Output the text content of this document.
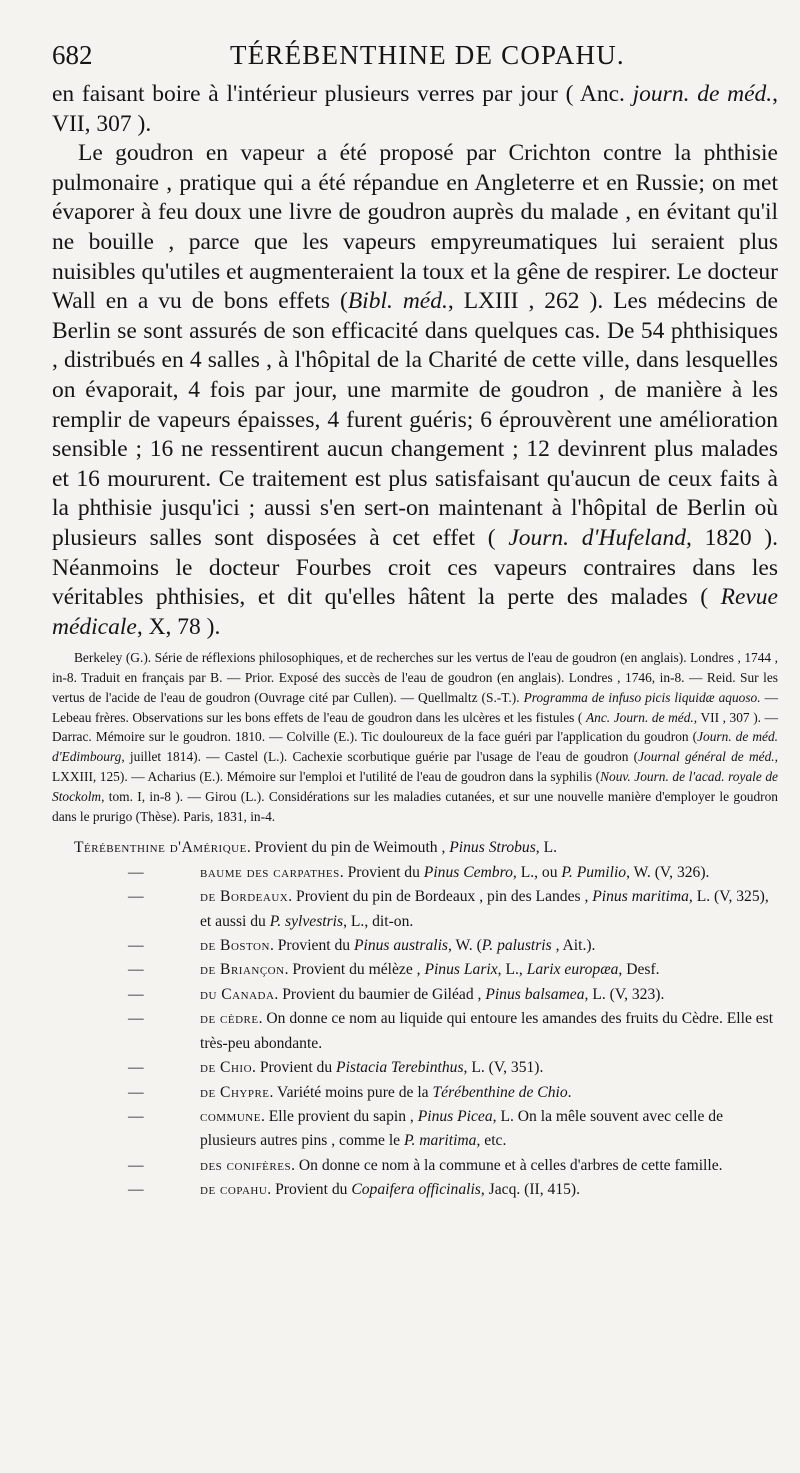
682	TÉRÉBENTHINE DE COPAHU.

en faisant boire à l'intérieur plusieurs verres par jour ( Anc. journ. de méd., VII, 307 ).

Le goudron en vapeur a été proposé par Crichton contre la phthisie pulmonaire , pratique qui a été répandue en Angleterre et en Russie; on met évaporer à feu doux une livre de goudron auprès du malade , en évitant qu'il ne bouille , parce que les vapeurs empyreumatiques lui seraient plus nuisibles qu'utiles et augmenteraient la toux et la gêne de respirer. Le docteur Wall en a vu de bons effets (Bibl. méd., LXIII , 262 ). Les médecins de Berlin se sont assurés de son efficacité dans quelques cas. De 54 phthisiques , distribués en 4 salles , à l'hôpital de la Charité de cette ville, dans lesquelles on évaporait, 4 fois par jour, une marmite de goudron , de manière à les remplir de vapeurs épaisses, 4 furent guéris; 6 éprouvèrent une amélioration sensible ; 16 ne ressentirent aucun changement ; 12 devinrent plus malades et 16 moururent. Ce traitement est plus satisfaisant qu'aucun de ceux faits à la phthisie jusqu'ici ; aussi s'en sert-on maintenant à l'hôpital de Berlin où plusieurs salles sont disposées à cet effet ( Journ. d'Hufeland, 1820 ). Néanmoins le docteur Fourbes croit ces vapeurs contraires dans les véritables phthisies, et dit qu'elles hâtent la perte des malades ( Revue médicale, X, 78 ).

Berkeley (G.). Série de réflexions philosophiques, et de recherches sur les vertus de l'eau de goudron (en anglais). Londres , 1744 , in-8. Traduit en français par B. — Prior. Exposé des succès de l'eau de goudron (en anglais). Londres , 1746, in-8. — Reid. Sur les vertus de l'acide de l'eau de goudron (Ouvrage cité par Cullen). — Quellmaltz (S.-T.). Programma de infuso picis liquidæ aquoso. — Lebeau frères. Observations sur les bons effets de l'eau de goudron dans les ulcères et les fistules ( Anc. Journ. de méd., VII , 307 ). — Darrac. Mémoire sur le goudron. 1810. — Colville (E.). Tic douloureux de la face guéri par l'application du goudron (Journ. de méd. d'Edimbourg, juillet 1814). — Castel (L.). Cachexie scorbutique guérie par l'usage de l'eau de goudron (Journal général de méd., LXXIII, 125). — Acharius (E.). Mémoire sur l'emploi et l'utilité de l'eau de goudron dans la syphilis (Nouv. Journ. de l'acad. royale de Stockolm, tom. I, in-8 ). — Girou (L.). Considérations sur les maladies cutanées, et sur une nouvelle manière d'employer le goudron dans le prurigo (Thèse). Paris, 1831, in-4.

Térébenthine d'Amérique. Provient du pin de Weimouth , Pinus Strobus, L.
—	baume des carpathes. Provient du Pinus Cembro, L., ou P. Pumilio, W. (V, 326).
—	de Bordeaux. Provient du pin de Bordeaux , pin des Landes , Pinus maritima, L. (V, 325), et aussi du P. sylvestris, L., dit-on.
—	de Boston. Provient du Pinus australis, W. (P. palustris , Ait.).
—	de Briançon. Provient du mélèze , Pinus Larix, L., Larix europæa, Desf.
—	du Canada. Provient du baumier de Giléad , Pinus balsamea, L. (V, 323).
—	de cèdre. On donne ce nom au liquide qui entoure les amandes des fruits du Cèdre. Elle est très-peu abondante.
—	de Chio. Provient du Pistacia Terebinthus, L. (V, 351).
—	de Chypre. Variété moins pure de la Térébenthine de Chio.
—	commune. Elle provient du sapin , Pinus Picea, L. On la mêle souvent avec celle de plusieurs autres pins , comme le P. maritima, etc.
—	des conifères. On donne ce nom à la commune et à celles d'arbres de cette famille.
—	de copahu. Provient du Copaifera officinalis, Jacq. (II, 415).
